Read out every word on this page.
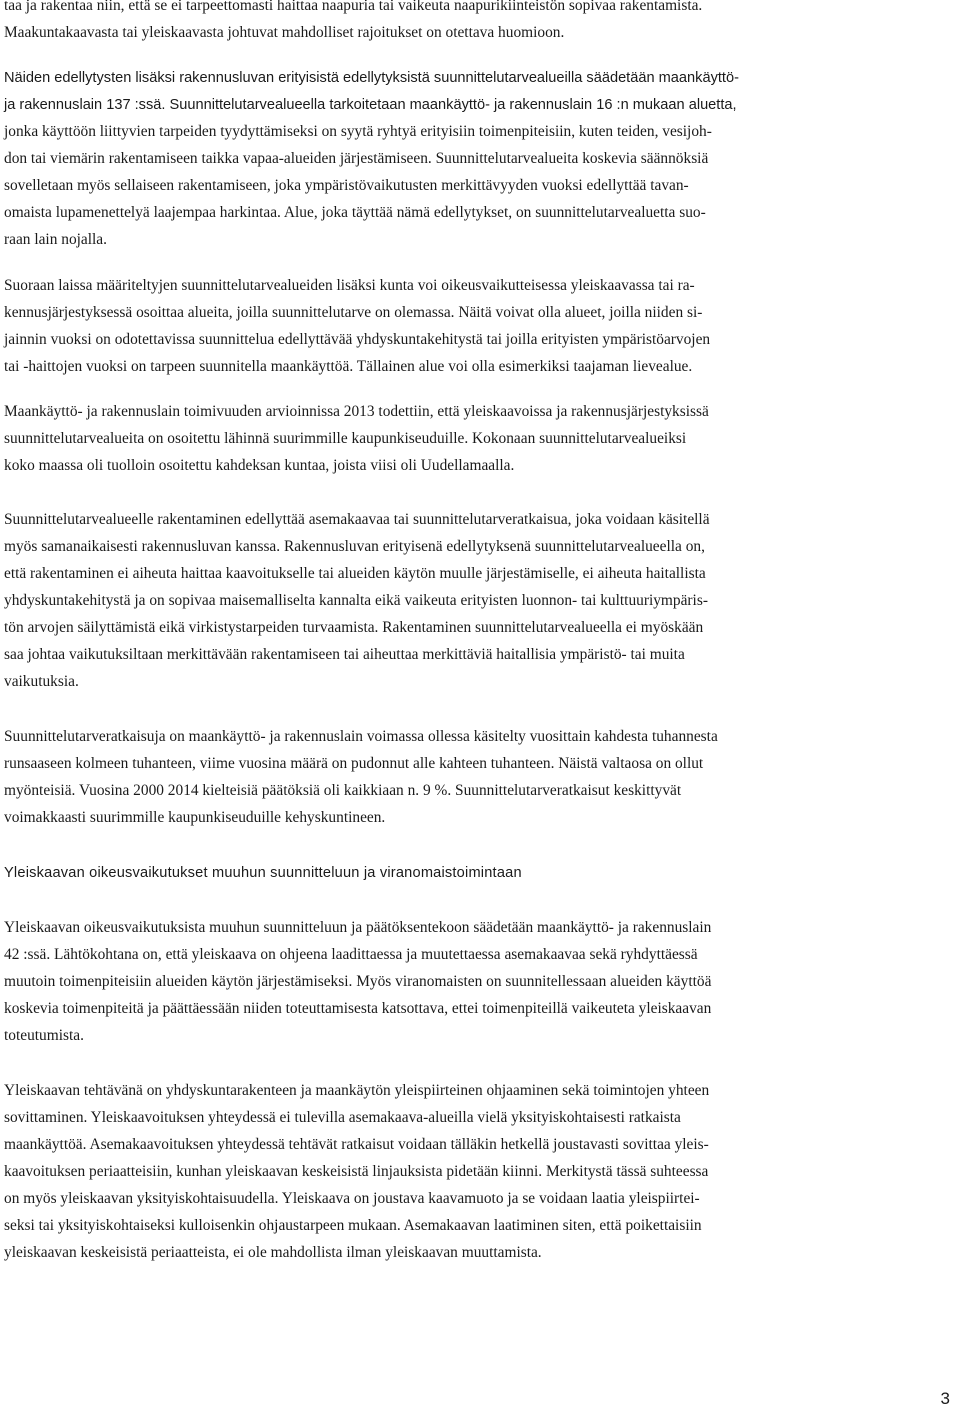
taa ja rakentaa niin, että se ei tarpeettomasti haittaa naapuria tai vaikeuta naapurikiinteistön sopivaa rakentamista.
Maakuntakaavasta tai yleiskaavasta johtuvat mahdolliset rajoitukset on otettava huomioon.
Näiden edellytysten lisäksi rakennusluvan erityisistä edellytyksistä suunnittelutarvealueilla säädetään maankäyttö-
ja rakennuslain 137 :ssä. Suunnittelutarvealueella tarkoitetaan maankäyttö- ja rakennuslain 16 :n mukaan aluetta,
jonka käyttöön liittyvien tarpeiden tyydyttämiseksi on syytä ryhtyä erityisiin toimenpiteisiin, kuten teiden, vesijoh-
don tai viemärin rakentamiseen taikka vapaa-alueiden järjestämiseen. Suunnittelutarvealueita koskevia säännöksiä
sovelletaan myös sellaiseen rakentamiseen, joka ympäristövaikutusten merkittävyyden vuoksi edellyttää tavan-
omaista lupamenettelyä laajempaa harkintaa. Alue, joka täyttää nämä edellytykset, on suunnittelutarvealuetta suo-
raan lain nojalla.
Suoraan laissa määriteltyjen suunnittelutarvealueiden lisäksi kunta voi oikeusvaikutteisessa yleiskaavassa tai ra-
kennusjärjestyksessä osoittaa alueita, joilla suunnittelutarve on olemassa. Näitä voivat olla alueet, joilla niiden si-
jainnin vuoksi on odotettavissa suunnittelua edellyttävää yhdyskuntakehitystä tai joilla erityisten ympäristöarvojen
tai -haittojen vuoksi on tarpeen suunnitella maankäyttöä. Tällainen alue voi olla esimerkiksi taajaman lievealue.
Maankäyttö- ja rakennuslain toimivuuden arvioinnissa 2013 todettiin, että yleiskaavoissa ja rakennusjärjestyksissä
suunnittelutarvealueita on osoitettu lähinnä suurimmille kaupunkiseuduille. Kokonaan suunnittelutarvealueiksi
koko maassa oli tuolloin osoitettu kahdeksan kuntaa, joista viisi oli Uudellamaalla.
Suunnittelutarvealueelle rakentaminen edellyttää asemakaavaa tai suunnittelutarveratkaisua, joka voidaan käsitellä
myös samanaikaisesti rakennusluvan kanssa. Rakennusluvan erityisenä edellytyksenä suunnittelutarvealueella on,
että rakentaminen ei aiheuta haittaa kaavoitukselle tai alueiden käytön muulle järjestämiselle, ei aiheuta haitallista
yhdyskuntakehitystä ja on sopivaa maisemalliselta kannalta eikä vaikeuta erityisten luonnon- tai kulttuuriympäris-
tön arvojen säilyttämistä eikä virkistystarpeiden turvaamista. Rakentaminen suunnittelutarvealueella ei myöskään
saa johtaa vaikutuksiltaan merkittävään rakentamiseen tai aiheuttaa merkittäviä haitallisia ympäristö- tai muita
vaikutuksia.
Suunnittelutarveratkaisuja on maankäyttö- ja rakennuslain voimassa ollessa käsitelty vuosittain kahdesta tuhannesta
runsaaseen kolmeen tuhanteen, viime vuosina määrä on pudonnut alle kahteen tuhanteen. Näistä valtaosa on ollut
myönteisiä. Vuosina 2000 2014 kielteisiä päätöksiä oli kaikkiaan n. 9 %. Suunnittelutarveratkaisut keskittyvät
voimakkaasti suurimmille kaupunkiseuduille kehyskuntineen.
Yleiskaavan oikeusvaikutukset muuhun suunnitteluun ja viranomaistoimintaan
Yleiskaavan oikeusvaikutuksista muuhun suunnitteluun ja päätöksentekoon säädetään maankäyttö- ja rakennuslain
42 :ssä. Lähtökohtana on, että yleiskaava on ohjeena laadittaessa ja muutettaessa asemakaavaa sekä ryhdyttäessä
muutoin toimenpiteisiin alueiden käytön järjestämiseksi. Myös viranomaisten on suunnitellessaan alueiden käyttöä
koskevia toimenpiteitä ja päättäessään niiden toteuttamisesta katsottava, ettei toimenpiteillä vaikeuteta yleiskaavan
toteutumista.
Yleiskaavan tehtävänä on yhdyskuntarakenteen ja maankäytön yleispiirteinen ohjaaminen sekä toimintojen yhteen
sovittaminen. Yleiskaavoituksen yhteydessä ei tulevilla asemakaava-alueilla vielä yksityiskohtaisesti ratkaista
maankäyttöä. Asemakaavoituksen yhteydessä tehtävät ratkaisut voidaan tälläkin hetkellä joustavasti sovittaa yleis-
kaavoituksen periaatteisiin, kunhan yleiskaavan keskeisistä linjauksista pidetään kiinni. Merkitystä tässä suhteessa
on myös yleiskaavan yksityiskohtaisuudella. Yleiskaava on joustava kaavamuoto ja se voidaan laatia yleispiirtei-
seksi tai yksityiskohtaiseksi kulloisenkin ohjaustarpeen mukaan. Asemakaavan laatiminen siten, että poikettaisiin
yleiskaavan keskeisistä periaatteista, ei ole mahdollista ilman yleiskaavan muuttamista.
3
